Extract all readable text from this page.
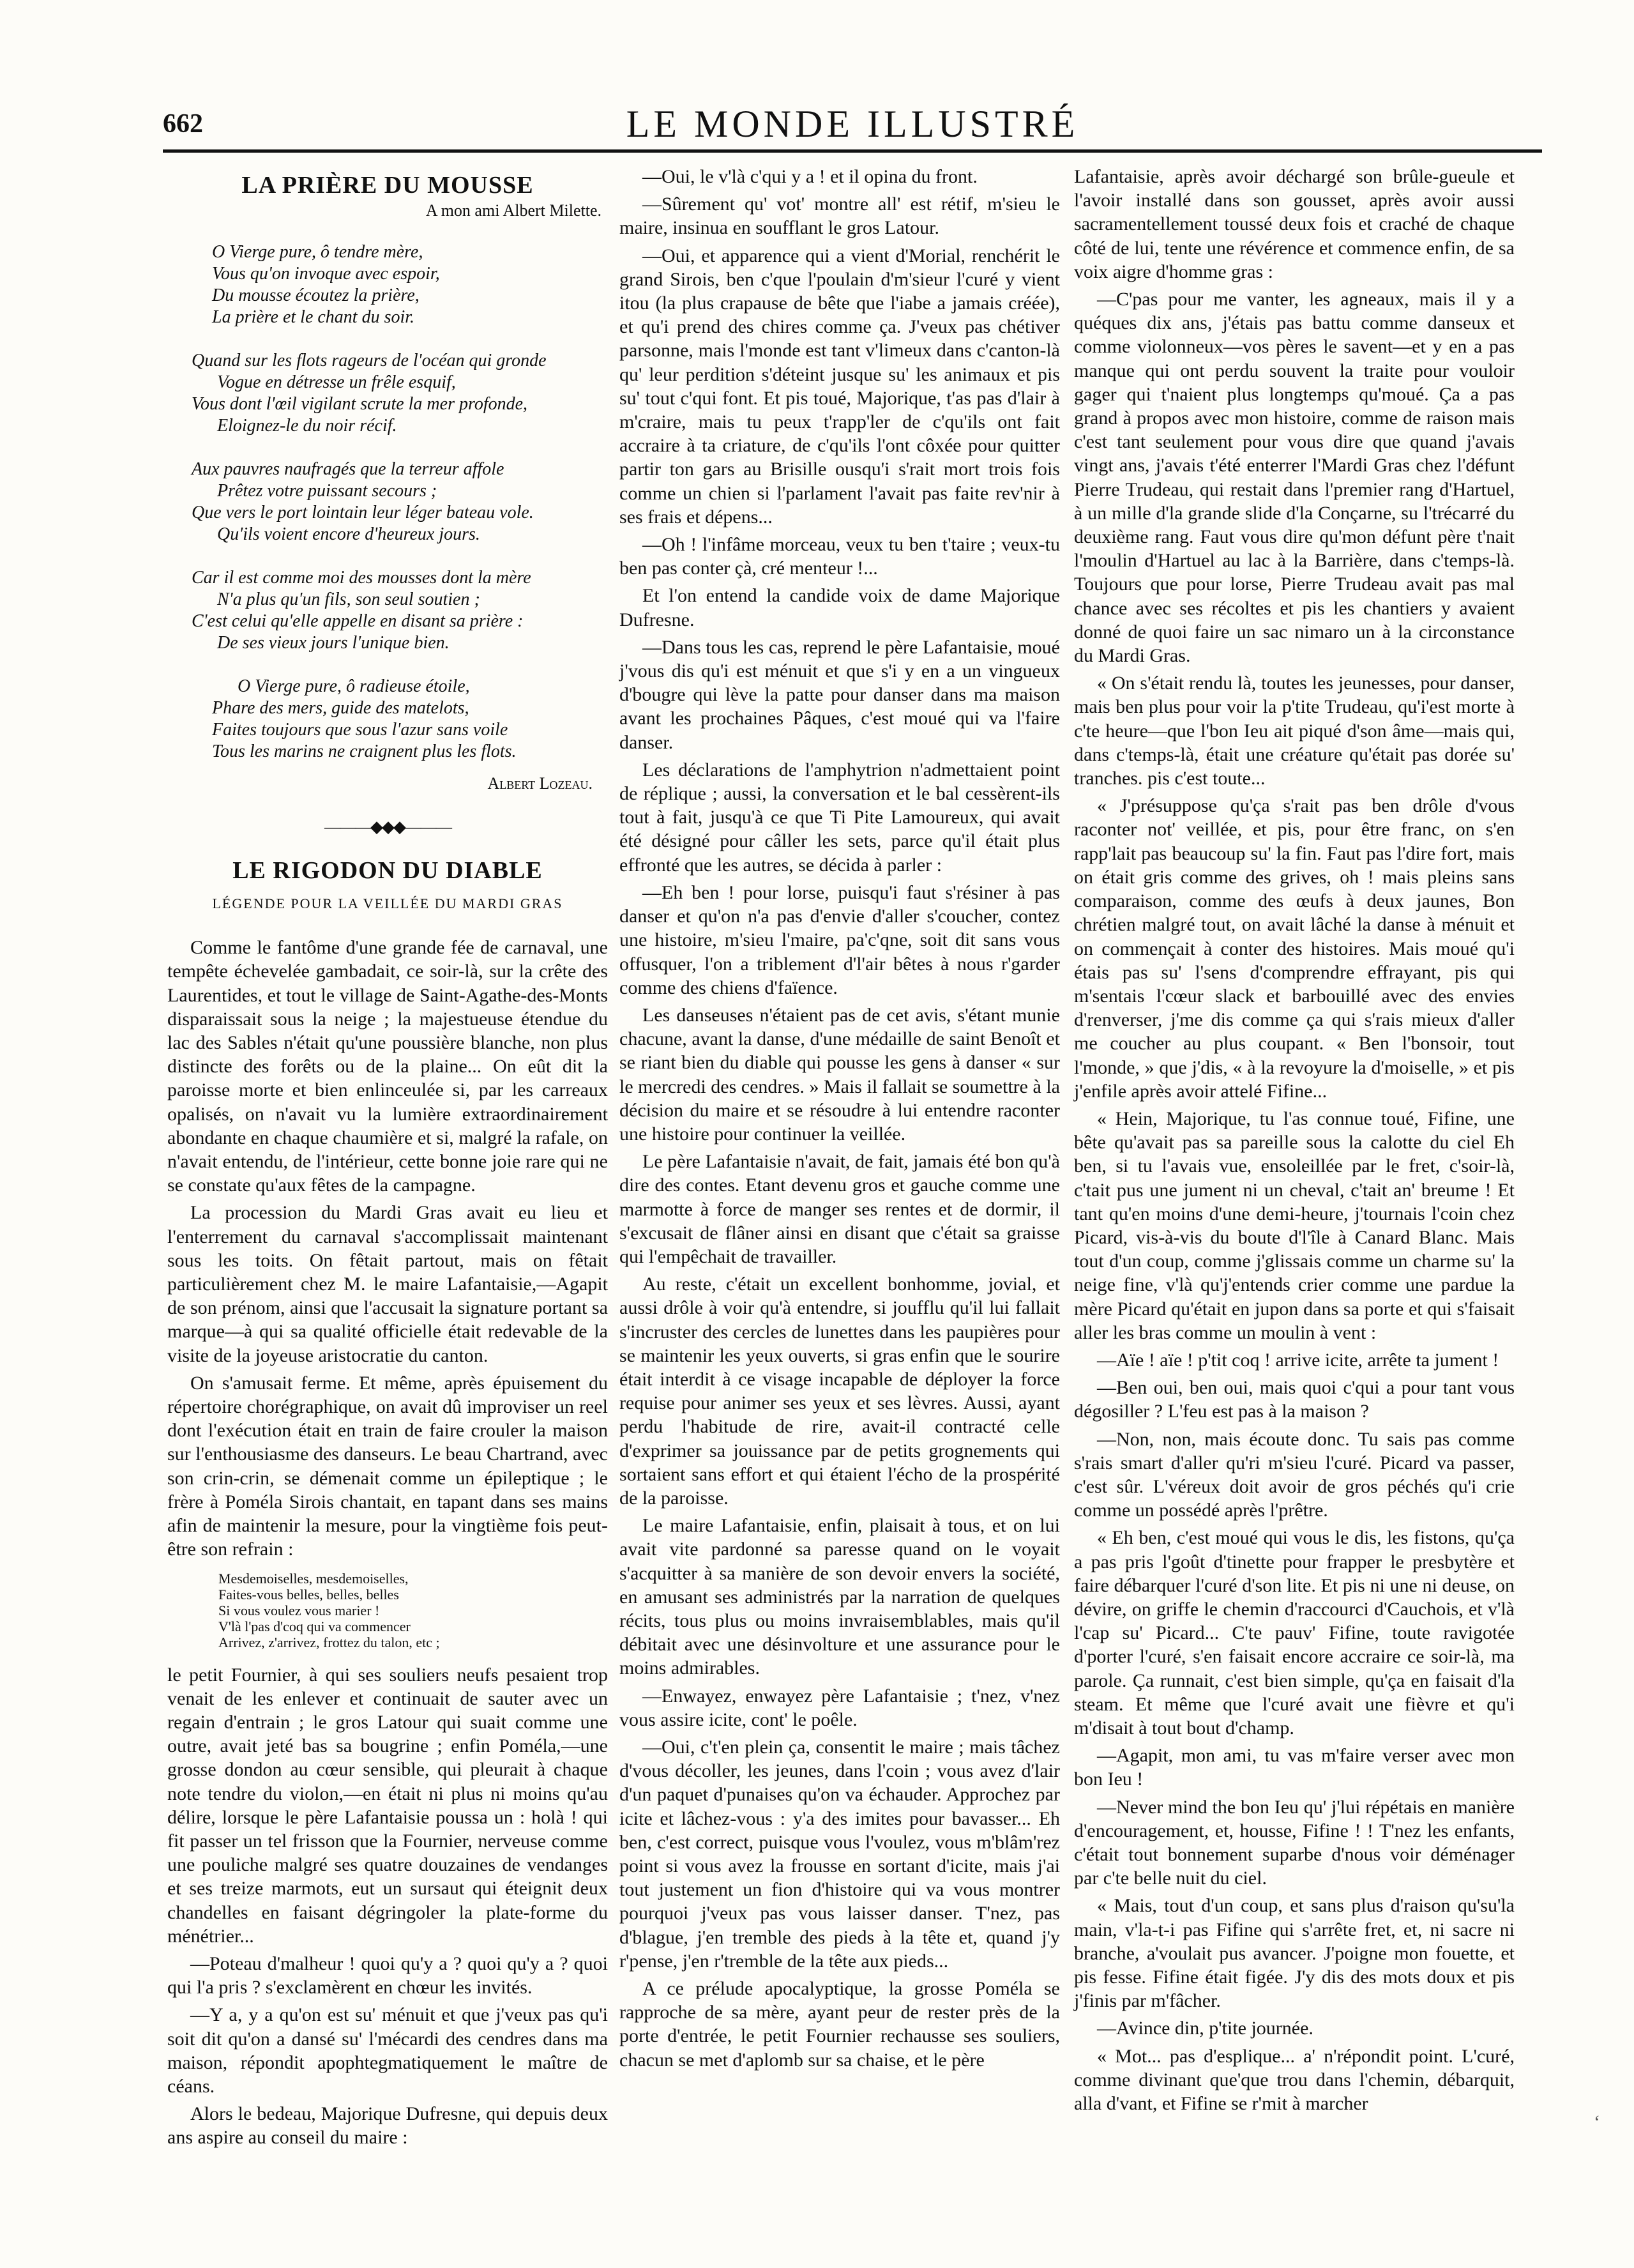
662	LE MONDE ILLUSTRÉ
LA PRIÈRE DU MOUSSE
A mon ami Albert Milette.
O Vierge pure, ô tendre mère,
Vous qu'on invoque avec espoir,
Du mousse écoutez la prière,
La prière et le chant du soir.
Quand sur les flots rageurs de l'océan qui gronde
Vogue en détresse un frêle esquif,
Vous dont l'œil vigilant scrute la mer profonde,
Eloignez-le du noir récif.
Aux pauvres naufragés que la terreur affole
Prêtez votre puissant secours ;
Que vers le port lointain leur léger bateau vole.
Qu'ils voient encore d'heureux jours.
Car il est comme moi des mousses dont la mère
N'a plus qu'un fils, son seul soutien ;
C'est celui qu'elle appelle en disant sa prière :
De ses vieux jours l'unique bien.
O Vierge pure, ô radieuse étoile,
Phare des mers, guide des matelots,
Faites toujours que sous l'azur sans voile
Tous les marins ne craignent plus les flots.
Albert Lozeau.
———◆◆◆———
LE RIGODON DU DIABLE
LÉGENDE POUR LA VEILLÉE DU MARDI GRAS

Comme le fantôme d'une grande fée de carnaval, une tempête échevelée gambadait, ce soir-là, sur la crête des Laurentides, et tout le village de Saint-Agathe-des-Monts disparaissait sous la neige ; la majestueuse étendue du lac des Sables n'était qu'une poussière blanche, non plus distincte des forêts ou de la plaine... On eût dit la paroisse morte et bien enlinceulée si, par les carreaux opalisés, on n'avait vu la lumière extraordinairement abondante en chaque chaumière et si, malgré la rafale, on n'avait entendu, de l'intérieur, cette bonne joie rare qui ne se constate qu'aux fêtes de la campagne.

La procession du Mardi Gras avait eu lieu et l'enterrement du carnaval s'accomplissait maintenant sous les toits. On fêtait partout, mais on fêtait particulièrement chez M. le maire Lafantaisie,—Agapit de son prénom, ainsi que l'accusait la signature portant sa marque—à qui sa qualité officielle était redevable de la visite de la joyeuse aristocratie du canton.

On s'amusait ferme. Et même, après épuisement du répertoire chorégraphique, on avait dû improviser un reel dont l'exécution était en train de faire crouler la maison sur l'enthousiasme des danseurs. Le beau Chartrand, avec son crin-crin, se démenait comme un épileptique ; le frère à Poméla Sirois chantait, en tapant dans ses mains afin de maintenir la mesure, pour la vingtième fois peut-être son refrain :

Mesdemoiselles, mesdemoiselles,
Faites-vous belles, belles, belles
Si vous voulez vous marier !
V'là l'pas d'coq qui va commencer
Arrivez, z'arrivez, frottez du talon, etc ;

le petit Fournier, à qui ses souliers neufs pesaient trop venait de les enlever et continuait de sauter avec un regain d'entrain ; le gros Latour qui suait comme une outre, avait jeté bas sa bougrine ; enfin Poméla,—une grosse dondon au cœur sensible, qui pleurait à chaque note tendre du violon,—en était ni plus ni moins qu'au délire, lorsque le père Lafantaisie poussa un : holà ! qui fit passer un tel frisson que la Fournier, nerveuse comme une pouliche malgré ses quatre douzaines de vendanges et ses treize marmots, eut un sursaut qui éteignit deux chandelles en faisant dégringoler la plate-forme du ménétrier...

—Poteau d'malheur ! quoi qu'y a ? quoi qu'y a ? quoi qui l'a pris ? s'exclamèrent en chœur les invités.

—Y a, y a qu'on est su' ménuit et que j'veux pas qu'i soit dit qu'on a dansé su' l'mécardi des cendres dans ma maison, répondit apophtegmatiquement le maître de céans.

Alors le bedeau, Majorique Dufresne, qui depuis deux ans aspire au conseil du maire :

—Oui, le v'là c'qui y a ! et il opina du front.

—Sûrement qu' vot' montre all' est rétif, m'sieu le maire, insinua en soufflant le gros Latour.

—Oui, et apparence qui a vient d'Morial, renchérit le grand Sirois, ben c'que l'poulain d'm'sieur l'curé y vient itou (la plus crapause de bête que l'iabe a jamais créée), et qu'i prend des chires comme ça. J'veux pas chétiver parsonne, mais l'monde est tant v'limeux dans c'canton-là qu' leur perdition s'déteint jusque su' les animaux et pis su' tout c'qui font. Et pis toué, Majorique, t'as pas d'lair à m'craire, mais tu peux t'rapp'ler de c'qu'ils ont fait accraire à ta criature, de c'qu'ils l'ont côxée pour quitter partir ton gars au Brisille ousqu'i s'rait mort trois fois comme un chien si l'parlament l'avait pas faite rev'nir à ses frais et dépens...

—Oh ! l'infâme morceau, veux tu ben t'taire ; veux-tu ben pas conter çà, cré menteur !...

Et l'on entend la candide voix de dame Majorique Dufresne.

—Dans tous les cas, reprend le père Lafantaisie, moué j'vous dis qu'i est ménuit et que s'i y en a un vingueux d'bougre qui lève la patte pour danser dans ma maison avant les prochaines Pâques, c'est moué qui va l'faire danser.

Les déclarations de l'amphytrion n'admettaient point de réplique ; aussi, la conversation et le bal cessèrent-ils tout à fait, jusqu'à ce que Ti Pite Lamoureux, qui avait été désigné pour câller les sets, parce qu'il était plus effronté que les autres, se décida à parler :

—Eh ben ! pour lorse, puisqu'i faut s'résiner à pas danser et qu'on n'a pas d'envie d'aller s'coucher, contez une histoire, m'sieu l'maire, pa'c'qne, soit dit sans vous offusquer, l'on a triblement d'l'air bêtes à nous r'garder comme des chiens d'faïence.

Les danseuses n'étaient pas de cet avis, s'étant munie chacune, avant la danse, d'une médaille de saint Benoît et se riant bien du diable qui pousse les gens à danser « sur le mercredi des cendres. » Mais il fallait se soumettre à la décision du maire et se résoudre à lui entendre raconter une histoire pour continuer la veillée.

Le père Lafantaisie n'avait, de fait, jamais été bon qu'à dire des contes. Etant devenu gros et gauche comme une marmotte à force de manger ses rentes et de dormir, il s'excusait de flâner ainsi en disant que c'était sa graisse qui l'empêchait de travailler.

Au reste, c'était un excellent bonhomme, jovial, et aussi drôle à voir qu'à entendre, si joufflu qu'il lui fallait s'incruster des cercles de lunettes dans les paupières pour se maintenir les yeux ouverts, si gras enfin que le sourire était interdit à ce visage incapable de déployer la force requise pour animer ses yeux et ses lèvres. Aussi, ayant perdu l'habitude de rire, avait-il contracté celle d'exprimer sa jouissance par de petits grognements qui sortaient sans effort et qui étaient l'écho de la prospérité de la paroisse.

Le maire Lafantaisie, enfin, plaisait à tous, et on lui avait vite pardonné sa paresse quand on le voyait s'acquitter à sa manière de son devoir envers la société, en amusant ses administrés par la narration de quelques récits, tous plus ou moins invraisemblables, mais qu'il débitait avec une désinvolture et une assurance pour le moins admirables.

—Enwayez, enwayez père Lafantaisie ; t'nez, v'nez vous assire icite, cont' le poêle.

—Oui, c't'en plein ça, consentit le maire ; mais tâchez d'vous décoller, les jeunes, dans l'coin ; vous avez d'lair d'un paquet d'punaises qu'on va échauder. Approchez par icite et lâchez-vous : y'a des imites pour bavasser... Eh ben, c'est correct, puisque vous l'voulez, vous m'blâm'rez point si vous avez la frousse en sortant d'icite, mais j'ai tout justement un fion d'histoire qui va vous montrer pourquoi j'veux pas vous laisser danser. T'nez, pas d'blague, j'en tremble des pieds à la tête et, quand j'y r'pense, j'en r'tremble de la tête aux pieds...

A ce prélude apocalyptique, la grosse Poméla se rapproche de sa mère, ayant peur de rester près de la porte d'entrée, le petit Fournier rechausse ses souliers, chacun se met d'aplomb sur sa chaise, et le père

Lafantaisie, après avoir déchargé son brûle-gueule et l'avoir installé dans son gousset, après avoir aussi sacramentellement toussé deux fois et craché de chaque côté de lui, tente une révérence et commence enfin, de sa voix aigre d'homme gras :

—C'pas pour me vanter, les agneaux, mais il y a quéques dix ans, j'étais pas battu comme danseux et comme violonneux—vos pères le savent—et y en a pas manque qui ont perdu souvent la traite pour vouloir gager qui t'naient plus longtemps qu'moué. Ça a pas grand à propos avec mon histoire, comme de raison mais c'est tant seulement pour vous dire que quand j'avais vingt ans, j'avais t'été enterrer l'Mardi Gras chez l'défunt Pierre Trudeau, qui restait dans l'premier rang d'Hartuel, à un mille d'la grande slide d'la Conçarne, su l'trécarré du deuxième rang. Faut vous dire qu'mon défunt père t'nait l'moulin d'Hartuel au lac à la Barrière, dans c'temps-là. Toujours que pour lorse, Pierre Trudeau avait pas mal chance avec ses récoltes et pis les chantiers y avaient donné de quoi faire un sac nimaro un à la circonstance du Mardi Gras.

« On s'était rendu là, toutes les jeunesses, pour danser, mais ben plus pour voir la p'tite Trudeau, qu'i'est morte à c'te heure—que l'bon Ieu ait piqué d'son âme—mais qui, dans c'temps-là, était une créature qu'était pas dorée su' tranches. pis c'est toute...

« J'présuppose qu'ça s'rait pas ben drôle d'vous raconter not' veillée, et pis, pour être franc, on s'en rapp'lait pas beaucoup su' la fin. Faut pas l'dire fort, mais on était gris comme des grives, oh ! mais pleins sans comparaison, comme des œufs à deux jaunes, Bon chrétien malgré tout, on avait lâché la danse à ménuit et on commençait à conter des histoires. Mais moué qu'i étais pas su' l'sens d'comprendre effrayant, pis qui m'sentais l'cœur slack et barbouillé avec des envies d'renverser, j'me dis comme ça qui s'rais mieux d'aller me coucher au plus coupant. « Ben l'bonsoir, tout l'monde, » que j'dis, « à la revoyure la d'moiselle, » et pis j'enfile après avoir attelé Fifine...

« Hein, Majorique, tu l'as connue toué, Fifine, une bête qu'avait pas sa pareille sous la calotte du ciel Eh ben, si tu l'avais vue, ensoleillée par le fret, c'soir-là, c'tait pus une jument ni un cheval, c'tait an' breume ! Et tant qu'en moins d'une demi-heure, j'tournais l'coin chez Picard, vis-à-vis du boute d'l'île à Canard Blanc. Mais tout d'un coup, comme j'glissais comme un charme su' la neige fine, v'là qu'j'entends crier comme une pardue la mère Picard qu'était en jupon dans sa porte et qui s'faisait aller les bras comme un moulin à vent :

—Aïe ! aïe ! p'tit coq ! arrive icite, arrête ta jument !

—Ben oui, ben oui, mais quoi c'qui a pour tant vous dégosiller ? L'feu est pas à la maison ?

—Non, non, mais écoute donc. Tu sais pas comme s'rais smart d'aller qu'ri m'sieu l'curé. Picard va passer, c'est sûr. L'véreux doit avoir de gros péchés qu'i crie comme un possédé après l'prêtre.

« Eh ben, c'est moué qui vous le dis, les fistons, qu'ça a pas pris l'goût d'tinette pour frapper le presbytère et faire débarquer l'curé d'son lite. Et pis ni une ni deuse, on dévire, on griffe le chemin d'raccourci d'Cauchois, et v'là l'cap su' Picard... C'te pauv' Fifine, toute ravigotée d'porter l'curé, s'en faisait encore accraire ce soir-là, ma parole. Ça runnait, c'est bien simple, qu'ça en faisait d'la steam. Et même que l'curé avait une fièvre et qu'i m'disait à tout bout d'champ.

—Agapit, mon ami, tu vas m'faire verser avec mon bon Ieu !

—Never mind the bon Ieu qu' j'lui répétais en manière d'encouragement, et, housse, Fifine ! ! T'nez les enfants, c'était tout bonnement suparbe d'nous voir déménager par c'te belle nuit du ciel.

« Mais, tout d'un coup, et sans plus d'raison qu'su'la main, v'la-t-i pas Fifine qui s'arrête fret, et, ni sacre ni branche, a'voulait pus avancer. J'poigne mon fouette, et pis fesse. Fifine était figée. J'y dis des mots doux et pis j'finis par m'fâcher.

—Avince din, p'tite journée.

« Mot... pas d'esplique... a' n'répondit point. L'curé, comme divinant que'que trou dans l'chemin, débarquit, alla d'vant, et Fifine se r'mit à marcher

‘
